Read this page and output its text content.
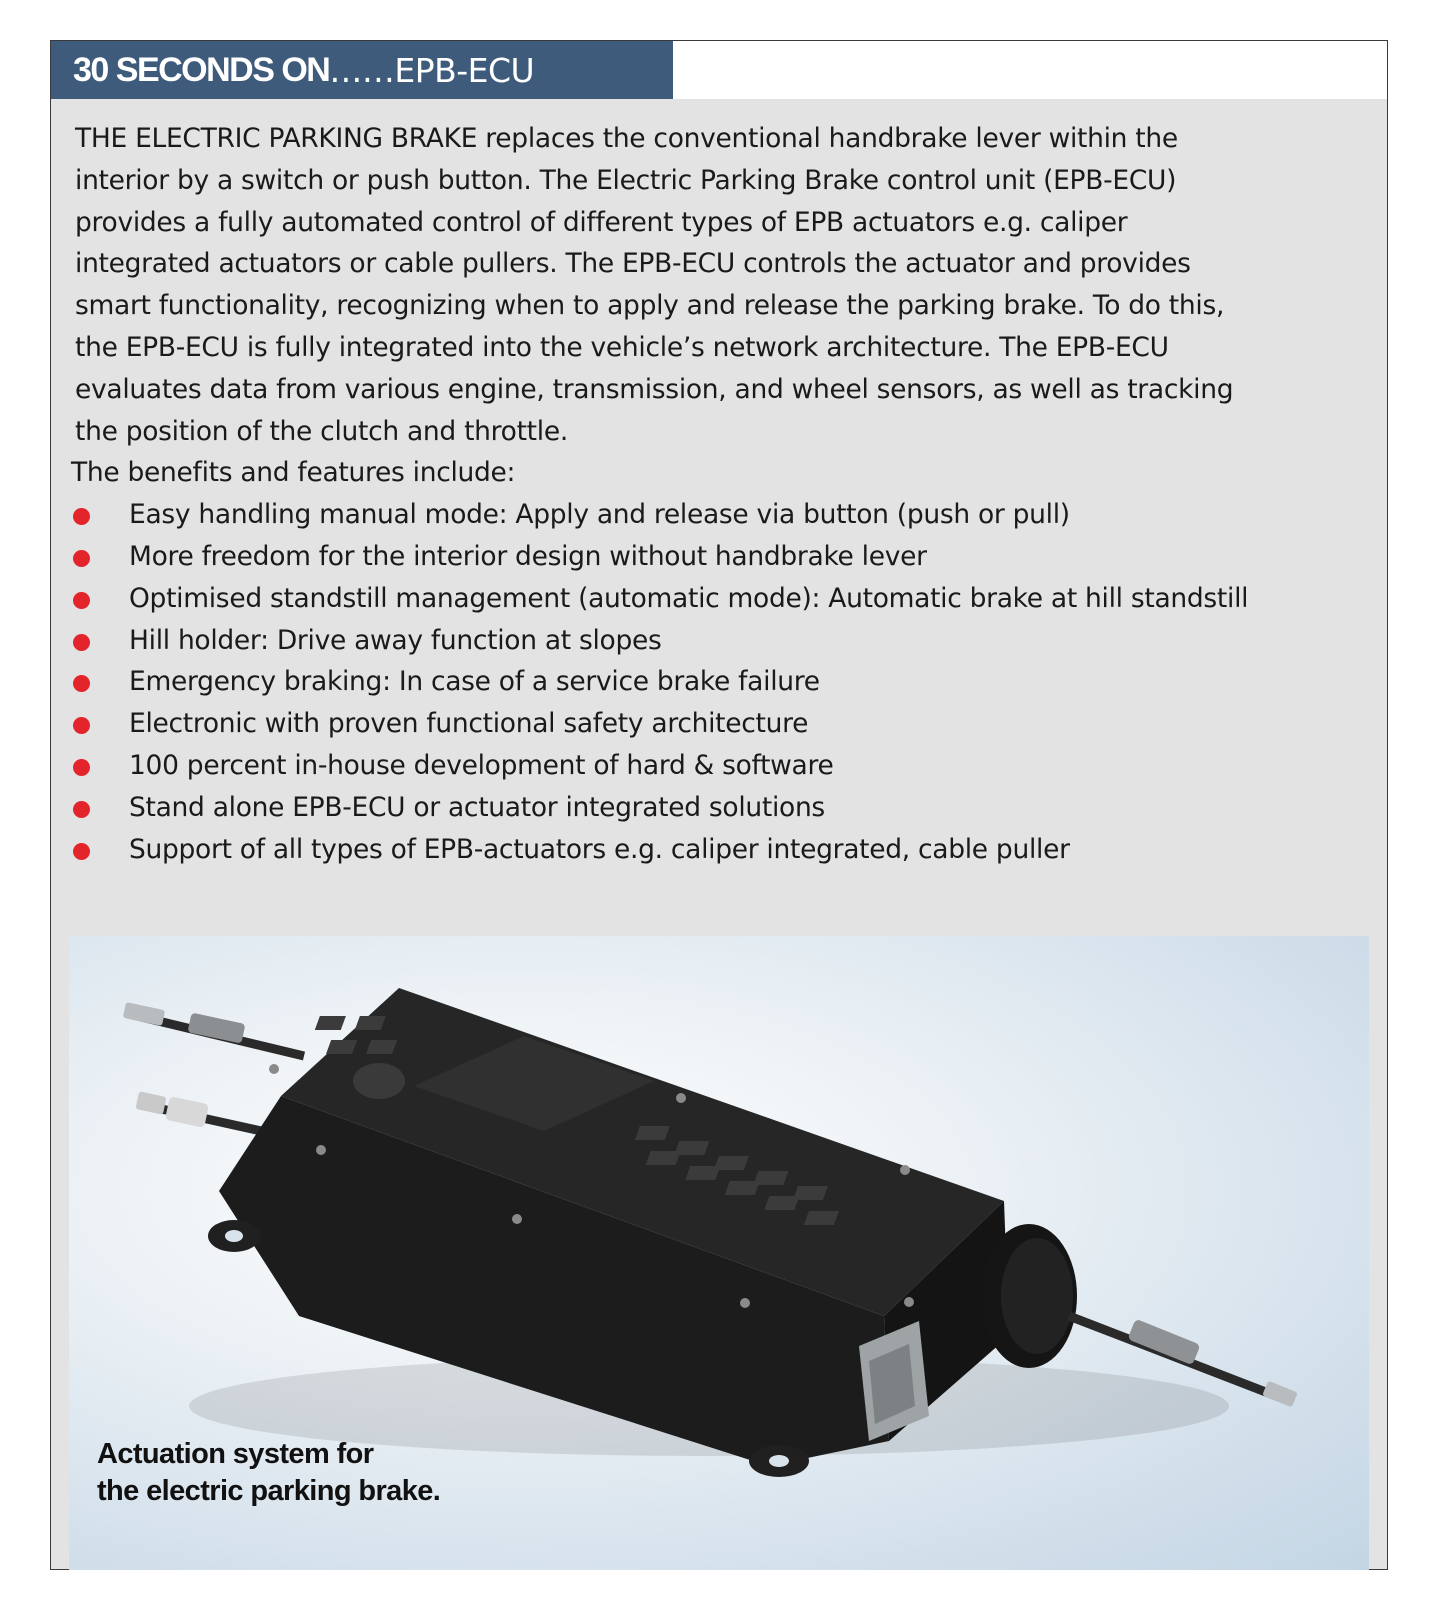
30 SECONDS ON …… EPB-ECU

THE ELECTRIC PARKING BRAKE replaces the conventional handbrake lever within the
interior by a switch or push button. The Electric Parking Brake control unit (EPB-ECU)
provides a fully automated control of different types of EPB actuators e.g. caliper
integrated actuators or cable pullers. The EPB-ECU controls the actuator and provides
smart functionality, recognizing when to apply and release the parking brake. To do this,
the EPB-ECU is fully integrated into the vehicle’s network architecture. The EPB-ECU
evaluates data from various engine, transmission, and wheel sensors, as well as tracking
the position of the clutch and throttle.

The benefits and features include:
Easy handling manual mode: Apply and release via button (push or pull)
More freedom for the interior design without handbrake lever
Optimised standstill management (automatic mode): Automatic brake at hill standstill
Hill holder: Drive away function at slopes
Emergency braking: In case of a service brake failure
Electronic with proven functional safety architecture
100 percent in-house development of hard & software
Stand alone EPB-ECU or actuator integrated solutions
Support of all types of EPB-actuators e.g. caliper integrated, cable puller
Actuation system for
the electric parking brake.
